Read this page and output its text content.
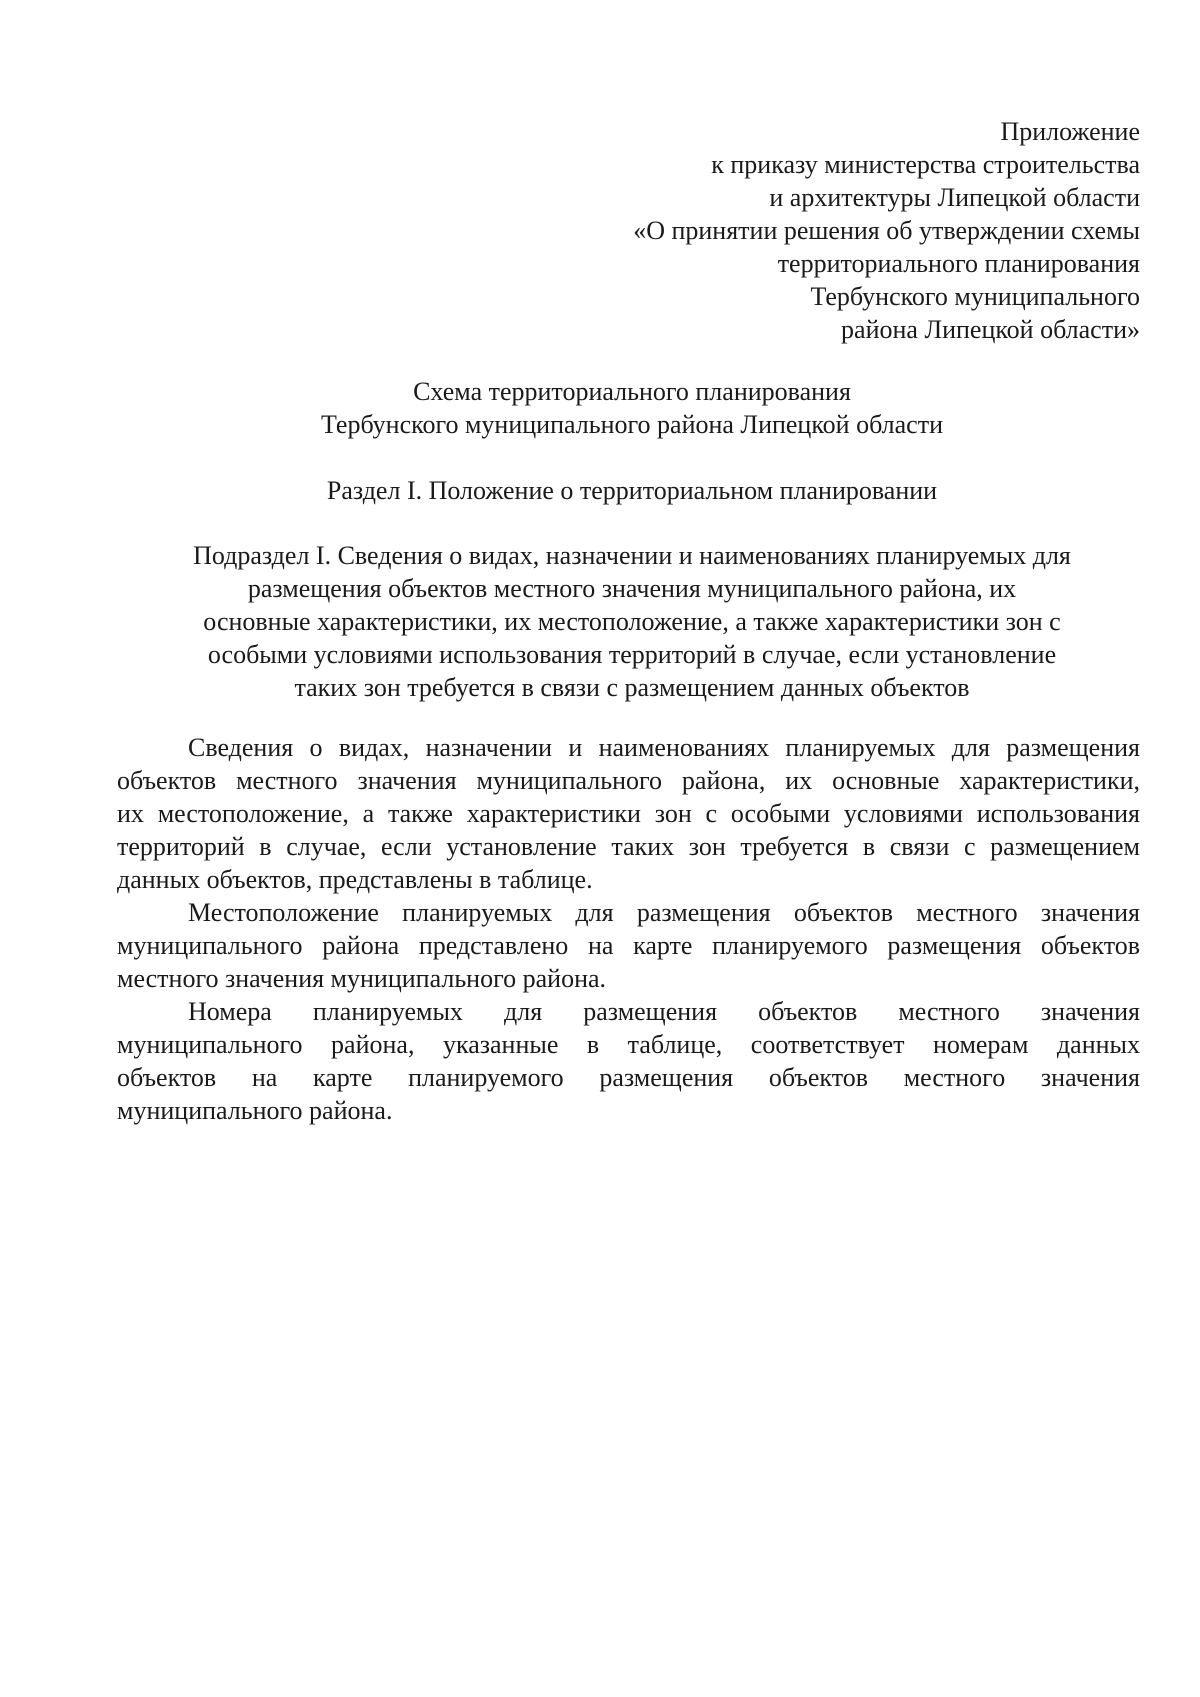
Приложение
к приказу министерства строительства
и архитектуры Липецкой области
«О принятии решения об утверждении схемы
территориального планирования
Тербунского муниципального
района Липецкой области»
Схема территориального планирования
Тербунского муниципального района Липецкой области
Раздел I. Положение о территориальном планировании
Подраздел I. Сведения о видах, назначении и наименованиях планируемых для
размещения объектов местного значения муниципального района, их
основные характеристики, их местоположение, а также характеристики зон с
особыми условиями использования территорий в случае, если установление
таких зон требуется в связи с размещением данных объектов
Сведения о видах, назначении и наименованиях планируемых для размещения
объектов местного значения муниципального района, их основные характеристики,
их местоположение, а также характеристики зон с особыми условиями использования
территорий в случае, если установление таких зон требуется в связи с размещением
данных объектов, представлены в таблице.
Местоположение планируемых для размещения объектов местного значения
муниципального района представлено на карте планируемого размещения объектов
местного значения муниципального района.
Номера планируемых для размещения объектов местного значения
муниципального района, указанные в таблице, соответствует номерам данных
объектов на карте планируемого размещения объектов местного значения
муниципального района.
